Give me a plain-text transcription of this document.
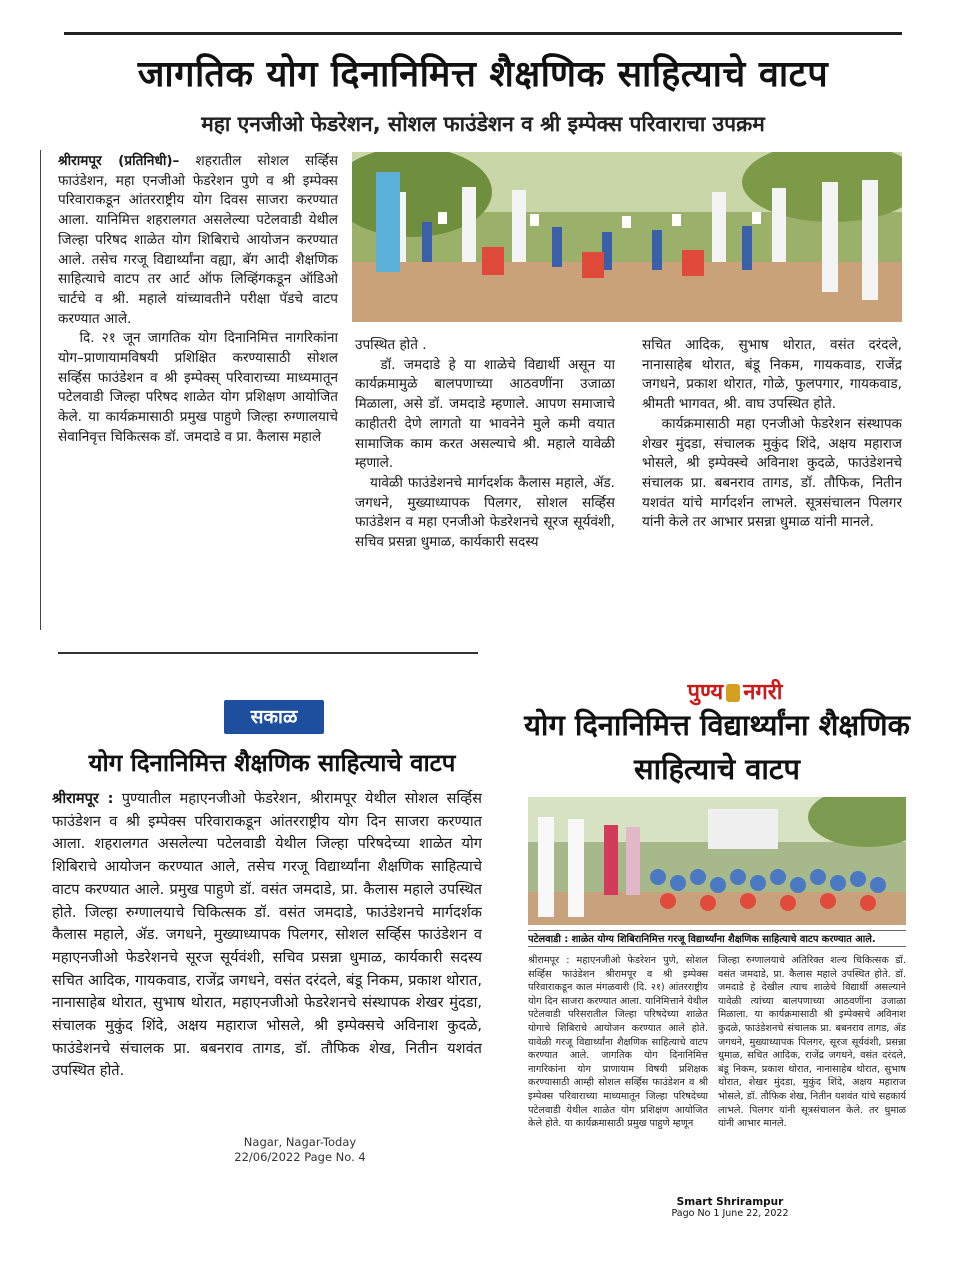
जागतिक योग दिनानिमित्त शैक्षणिक साहित्याचे वाटप
महा एनजीओ फेडरेशन, सोशल फाउंडेशन व श्री इम्पेक्स परिवाराचा उपक्रम

श्रीरामपूर (प्रतिनिधी)– शहरातील सोशल सर्व्हिस फाउंडेशन, महा एनजीओ फेडरेशन पुणे व श्री इम्पेक्स परिवाराकडून आंतरराष्ट्रीय योग दिवस साजरा करण्यात आला. यानिमित्त शहरालगत असलेल्या पटेलवाडी येथील जिल्हा परिषद शाळेत योग शिबिराचे आयोजन करण्यात आले. तसेच गरजू विद्यार्थ्यांना वह्या, बॅग आदी शैक्षणिक साहित्याचे वाटप तर आर्ट ऑफ लिव्हिंगकडून ऑडिओ चार्टचे व श्री. महाले यांच्यावतीने परीक्षा पॅडचे वाटप करण्यात आले.

दि. २१ जून जागतिक योग दिनानिमित्त नागरिकांना योग–प्राणायामविषयी प्रशिक्षित करण्यासाठी सोशल सर्व्हिस फाउंडेशन व श्री इम्पेक्स् परिवाराच्या माध्यमातून पटेलवाडी जिल्हा परिषद शाळेत योग प्रशिक्षण आयोजित केले. या कार्यक्रमासाठी प्रमुख पाहुणे जिल्हा रुग्णालयाचे सेवानिवृत्त चिकित्सक डॉ. जमदाडे व प्रा. कैलास महाले

उपस्थित होते .

डॉ. जमदाडे हे या शाळेचे विद्यार्थी असून या कार्यक्रमामुळे बालपणाच्या आठवणींना उजाळा मिळाला, असे डॉ. जमदाडे म्हणाले. आपण समाजाचे काहीतरी देणे लागतो या भावनेने मुले कमी वयात सामाजिक काम करत असल्याचे श्री. महाले यावेळी म्हणाले.

यावेळी फाउंडेशनचे मार्गदर्शक कैलास महाले, ॲड. जगधने, मुख्याध्यापक पिलगर, सोशल सर्व्हिस फाउंडेशन व महा एनजीओ फेडरेशनचे सूरज सूर्यवंशी, सचिव प्रसन्ना धुमाळ, कार्यकारी सदस्य

सचित आदिक, सुभाष थोरात, वसंत दरंदले, नानासाहेब थोरात, बंडू निकम, गायकवाड, राजेंद्र जगधने, प्रकाश थोरात, गोळे, फुलपगार, गायकवाड, श्रीमती भागवत, श्री. वाघ उपस्थित होते.

कार्यक्रमासाठी महा एनजीओ फेडरेशन संस्थापक शेखर मुंदडा, संचालक मुकुंद शिंदे, अक्षय महाराज भोसले, श्री इम्पेक्स्चे अविनाश कुदळे, फाउंडेशनचे संचालक प्रा. बबनराव तागड, डॉ. तौफिक, नितीन यशवंत यांचे मार्गदर्शन लाभले. सूत्रसंचालन पिलगर यांनी केले तर आभार प्रसन्ना धुमाळ यांनी मानले.

सकाळ
योग दिनानिमित्त शैक्षणिक साहित्याचे वाटप
श्रीरामपूर : पुण्यातील महाएनजीओ फेडरेशन, श्रीरामपूर येथील सोशल सर्व्हिस फाउंडेशन व श्री इम्पेक्स परिवाराकडून आंतरराष्ट्रीय योग दिन साजरा करण्यात आला. शहरालगत असलेल्या पटेलवाडी येथील जिल्हा परिषदेच्या शाळेत योग शिबिराचे आयोजन करण्यात आले, तसेच गरजू विद्यार्थ्यांना शैक्षणिक साहित्याचे वाटप करण्यात आले. प्रमुख पाहुणे डॉ. वसंत जमदाडे, प्रा. कैलास महाले उपस्थित होते. जिल्हा रुग्णालयाचे चिकित्सक डॉ. वसंत जमदाडे, फाउंडेशनचे मार्गदर्शक कैलास महाले, ॲड. जगधने, मुख्याध्यापक पिलगर, सोशल सर्व्हिस फाउंडेशन व महाएनजीओ फेडरेशनचे सूरज सूर्यवंशी, सचिव प्रसन्ना धुमाळ, कार्यकारी सदस्य सचित आदिक, गायकवाड, राजेंद्र जगधने, वसंत दरंदले, बंडू निकम, प्रकाश थोरात, नानासाहेब थोरात, सुभाष थोरात, महाएनजीओ फेडरेशनचे संस्थापक शेखर मुंदडा, संचालक मुकुंद शिंदे, अक्षय महाराज भोसले, श्री इम्पेक्सचे अविनाश कुदळे, फाउंडेशनचे संचालक प्रा. बबनराव तागड, डॉ. तौफिक शेख, नितीन यशवंत उपस्थित होते.
Nagar, Nagar-Today
22/06/2022 Page No. 4
पुण्य नगरी
योग दिनानिमित्त विद्यार्थ्यांना शैक्षणिक साहित्याचे वाटप
पटेलवाडी : शाळेत योग्य शिबिरानिमित्त गरजू विद्यार्थ्यांना शैक्षणिक साहित्याचे वाटप करण्यात आले.

श्रीरामपूर : महाएनजीओ फेडरेशन पुणे, सोशल सर्व्हिस फाउंडेशन श्रीरामपूर व श्री इम्पेक्स परिवाराकडून काल मंगळवारी (दि. २१) आंतरराष्ट्रीय योग दिन साजरा करण्यात आला. यानिमित्ताने येथील पटेलवाडी परिसरातील जिल्हा परिषदेच्या शाळेत योगाचे शिबिराचे आयोजन करण्यात आले होते. यावेळी गरजू विद्यार्थ्यांना शैक्षणिक साहित्याचे वाटप करण्यात आले. जागतिक योग दिनानिमित्त नागरिकांना योग प्राणायाम विषयी प्रशिक्षक करण्यासाठी आम्ही सोशल सर्व्हिस फाउंडेशन व श्री इम्पेक्स परिवाराच्या माध्यमातून जिल्हा परिषदेच्या पटेलवाडी येथील शाळेत योग प्रशिक्षण आयोजित केले होते. या कार्यक्रमासाठी प्रमुख पाहुणे म्हणून

जिल्हा रुग्णालयाचे अतिरिक्त शल्य चिकित्सक डॉ. वसंत जमदाडे, प्रा. कैलास महाले उपस्थित होते. डॉ. जमदाडे हे देखील त्याच शाळेचे विद्यार्थी असल्याने यावेळी त्यांच्या बालपणाच्या आठवणींना उजाळा मिळाला. या कार्यक्रमासाठी श्री इम्पेक्सचे अविनाश कुदळे, फाउंडेशनचे संचालक प्रा. बबनराव तागड, ॲड जगधने, मुख्याध्यापक पिलगर, सूरज सूर्यवंशी, प्रसन्ना धुमाळ, सचित आदिक, राजेंद्र जगधने, वसंत दरंदले, बंडू निकम, प्रकाश थोरात, नानासाहेब थोरात, सुभाष थोरात, शेखर मुंदडा, मुकुंद शिंदे, अक्षय महाराज भोसले, डॉ. तौफिक शेख, नितीन यशवंत यांचे सहकार्य लाभले. पिलगर यांनी सूत्रसंचालन केले. तर धुमाळ यांनी आभार मानले.

Smart Shrirampur
Pago No 1 June 22, 2022
